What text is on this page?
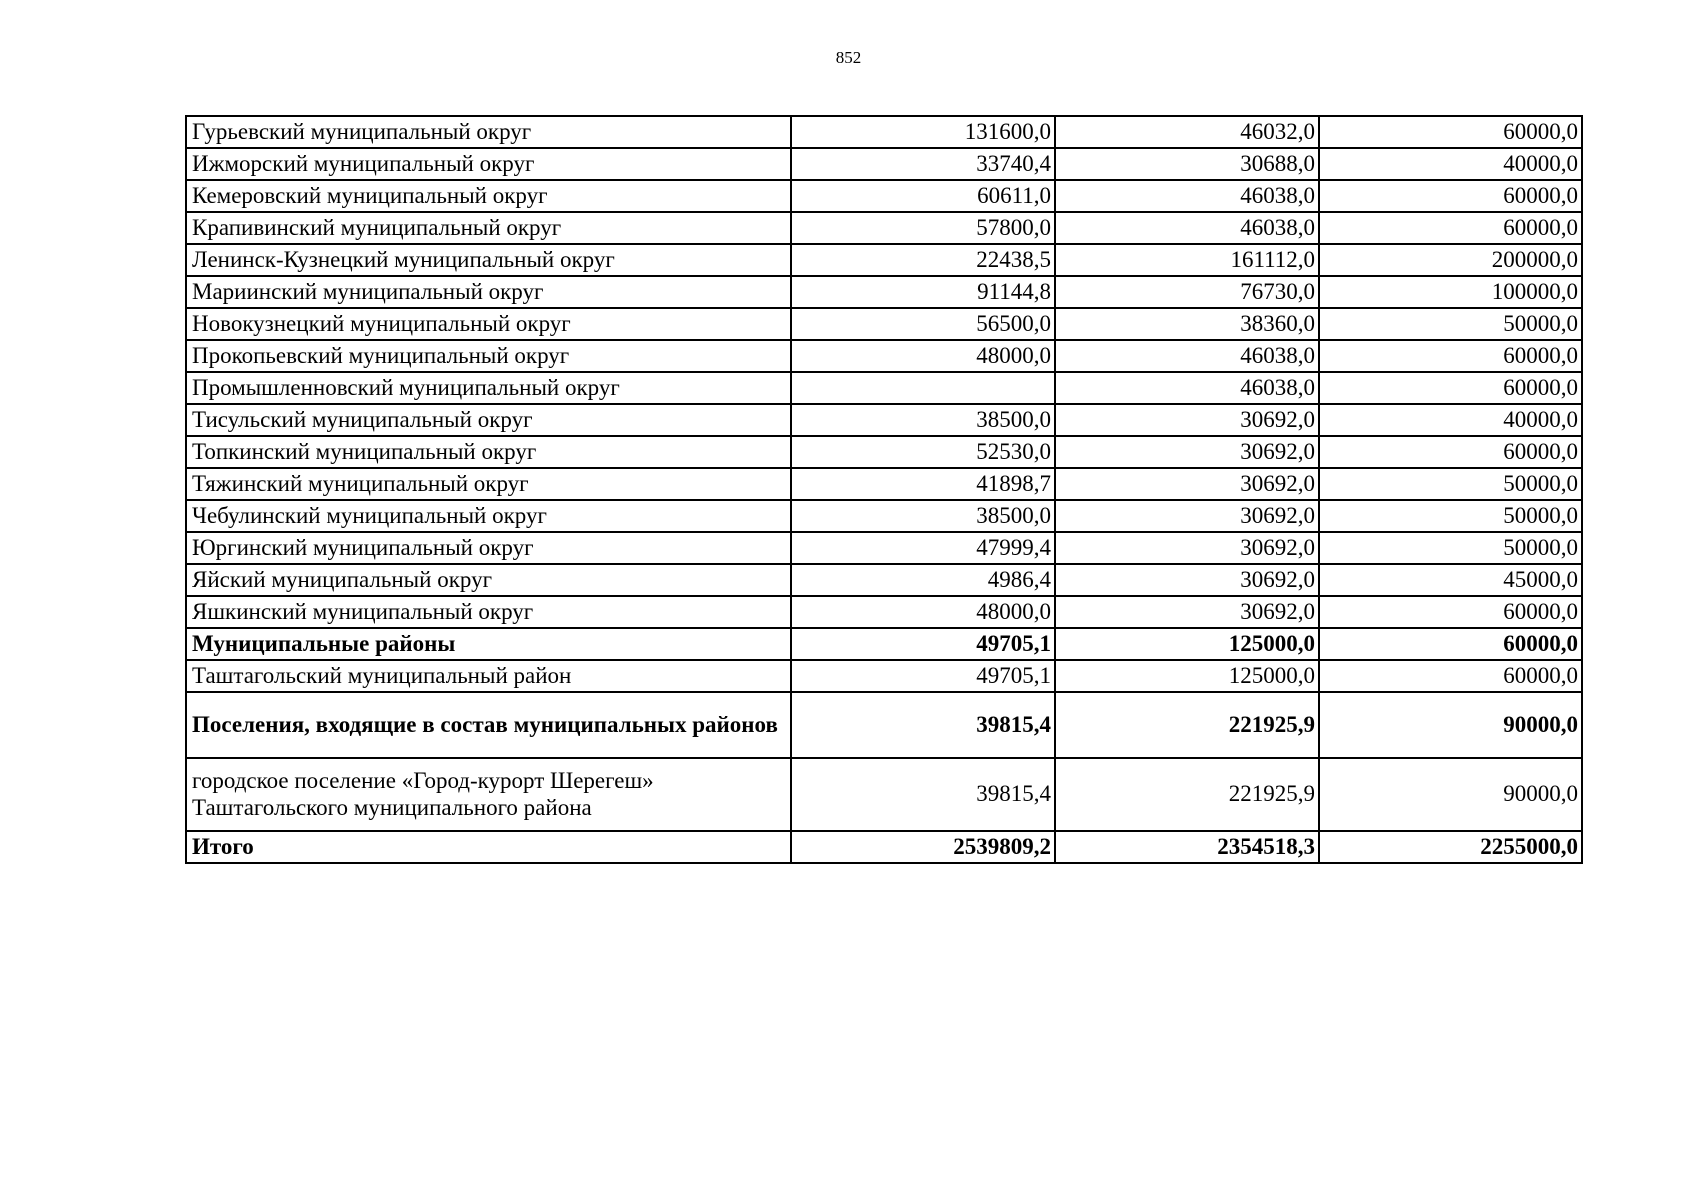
852
Гурьевский муниципальный округ	131600,0	46032,0	60000,0
Ижморский муниципальный округ	33740,4	30688,0	40000,0
Кемеровский муниципальный округ	60611,0	46038,0	60000,0
Крапивинский муниципальный округ	57800,0	46038,0	60000,0
Ленинск-Кузнецкий муниципальный округ	22438,5	161112,0	200000,0
Мариинский муниципальный округ	91144,8	76730,0	100000,0
Новокузнецкий муниципальный округ	56500,0	38360,0	50000,0
Прокопьевский муниципальный округ	48000,0	46038,0	60000,0
Промышленновский муниципальный округ		46038,0	60000,0
Тисульский муниципальный округ	38500,0	30692,0	40000,0
Топкинский муниципальный округ	52530,0	30692,0	60000,0
Тяжинский муниципальный округ	41898,7	30692,0	50000,0
Чебулинский муниципальный округ	38500,0	30692,0	50000,0
Юргинский муниципальный округ	47999,4	30692,0	50000,0
Яйский муниципальный округ	4986,4	30692,0	45000,0
Яшкинский муниципальный округ	48000,0	30692,0	60000,0
Муниципальные районы	49705,1	125000,0	60000,0
Таштагольский муниципальный район	49705,1	125000,0	60000,0
Поселения, входящие в состав муниципальных районов	39815,4	221925,9	90000,0
городское поселение «Город-курорт Шерегеш» Таштагольского муниципального района	39815,4	221925,9	90000,0
Итого	2539809,2	2354518,3	2255000,0
